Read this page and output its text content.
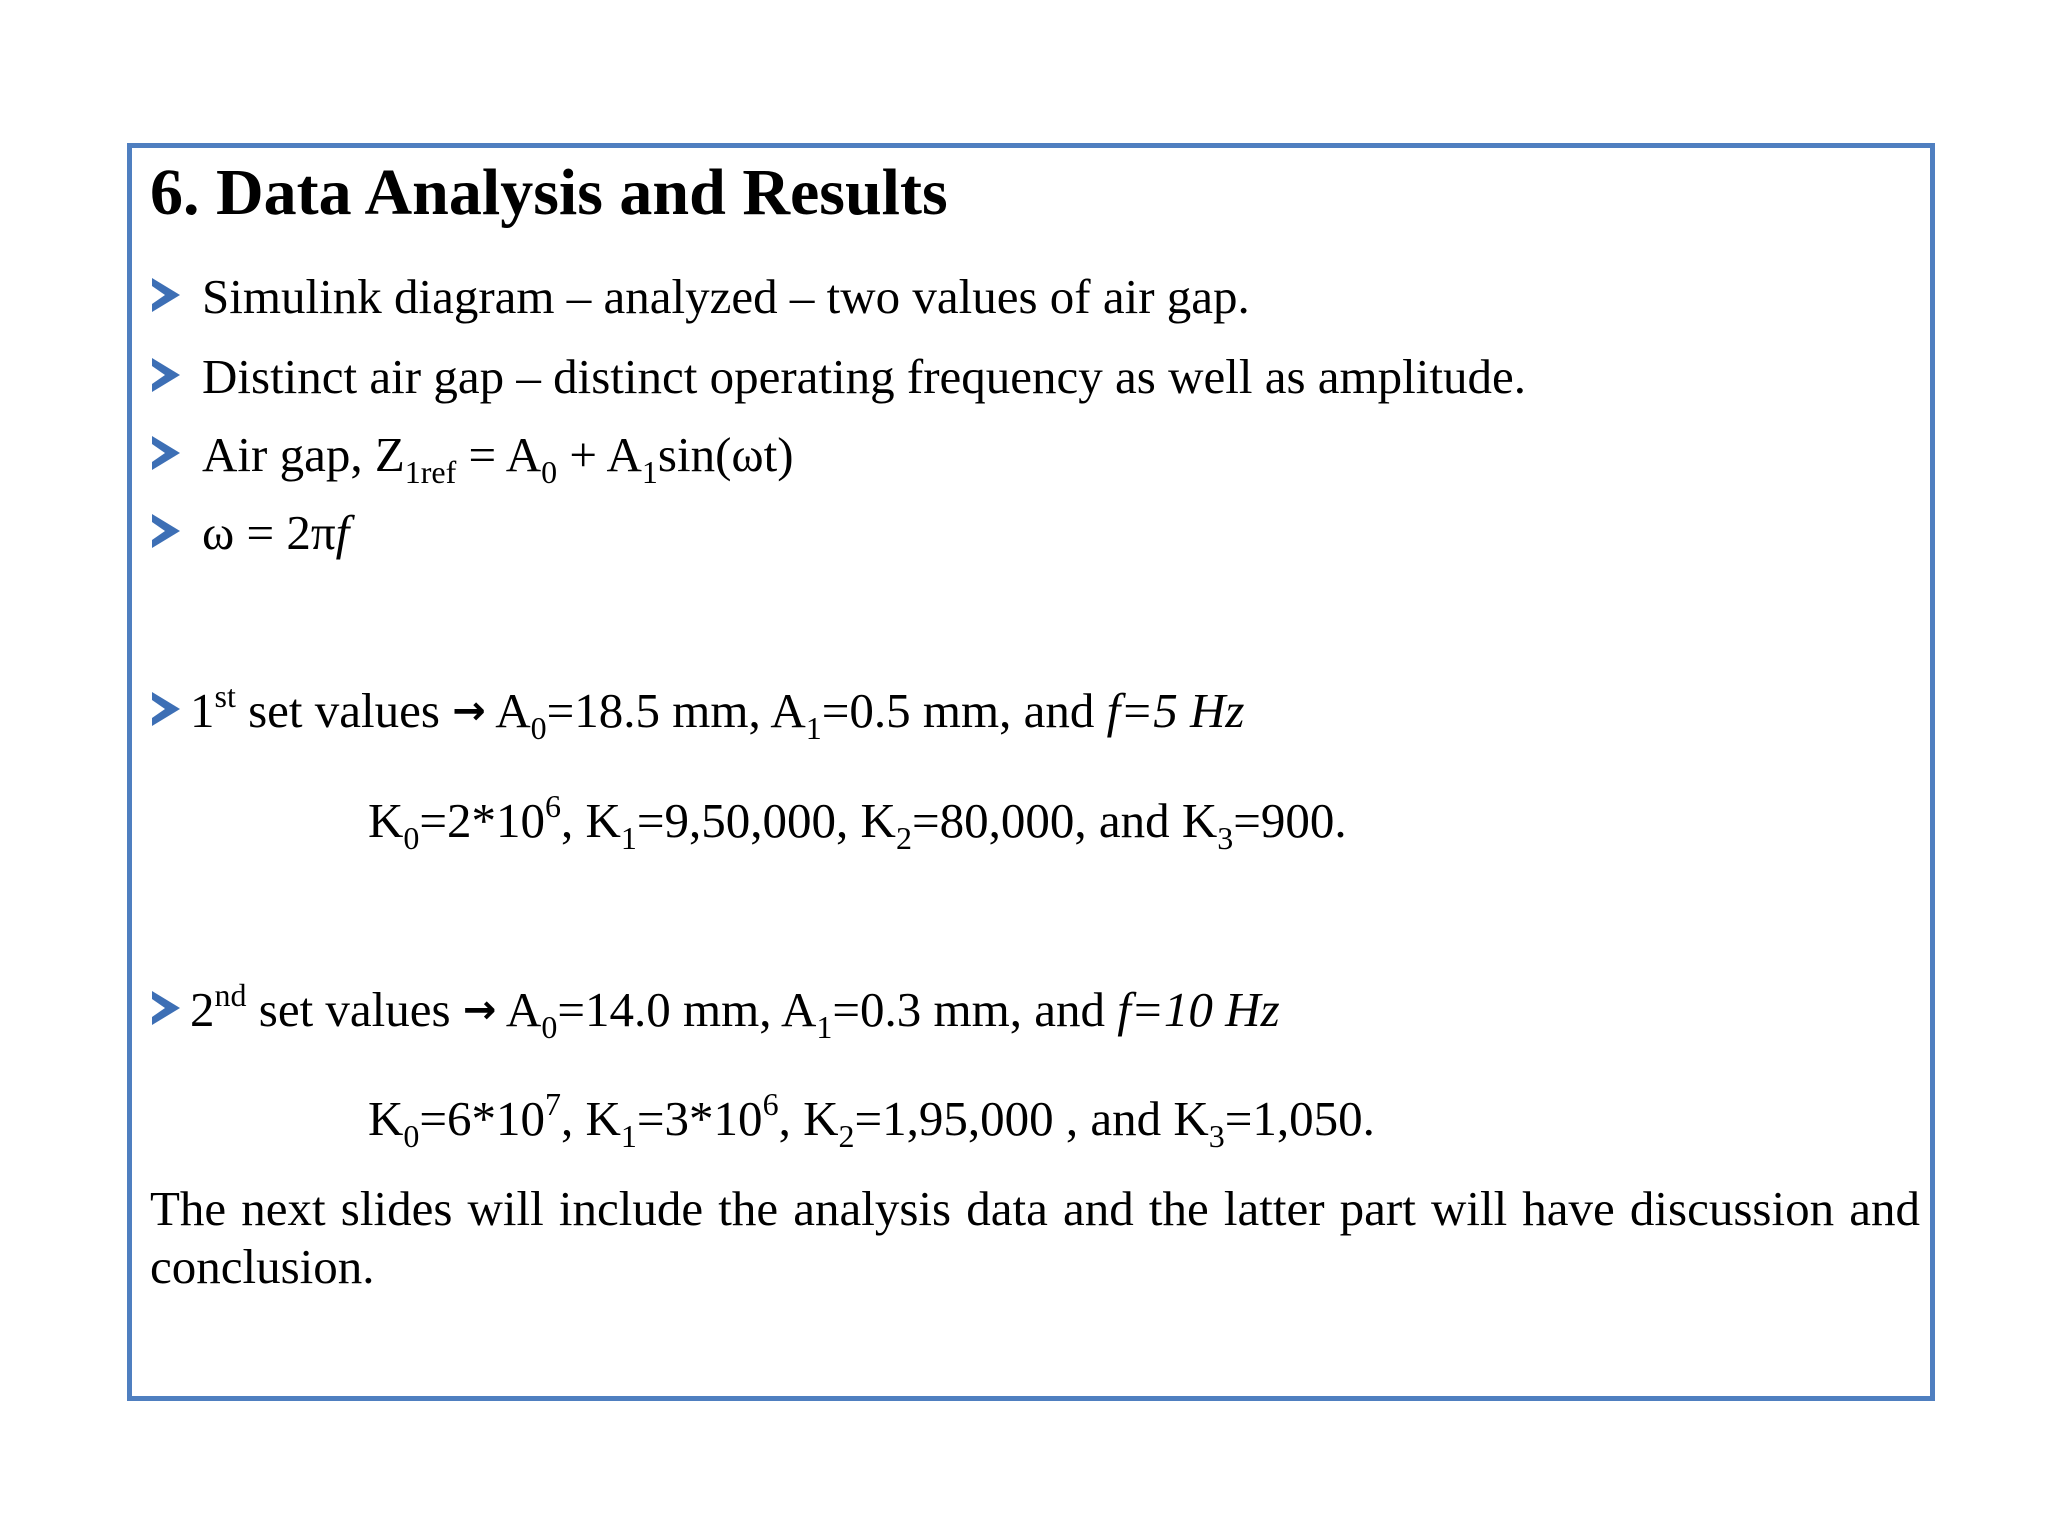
6. Data Analysis and Results
Simulink diagram – analyzed – two values of air gap.
Distinct air gap – distinct operating frequency as well as amplitude.
Air gap, $Z_{1ref} = A_0 + A_1\sin(\omega t)$
ω = 2πf
1st set values → $A_0=18.5$ mm, $A_1=0.5$ mm, and f=5 Hz
$K_0=2*10^6$, $K_1=9,50,000$, $K_2=80,000$, and $K_3=900$.
2nd set values → $A_0=14.0$ mm, $A_1=0.3$ mm, and f=10 Hz
$K_0=6*10^7$, $K_1=3*10^6$, $K_2=1,95,000$ , and $K_3=1,050$.
The next slides will include the analysis data and the latter part will have discussion and conclusion.
